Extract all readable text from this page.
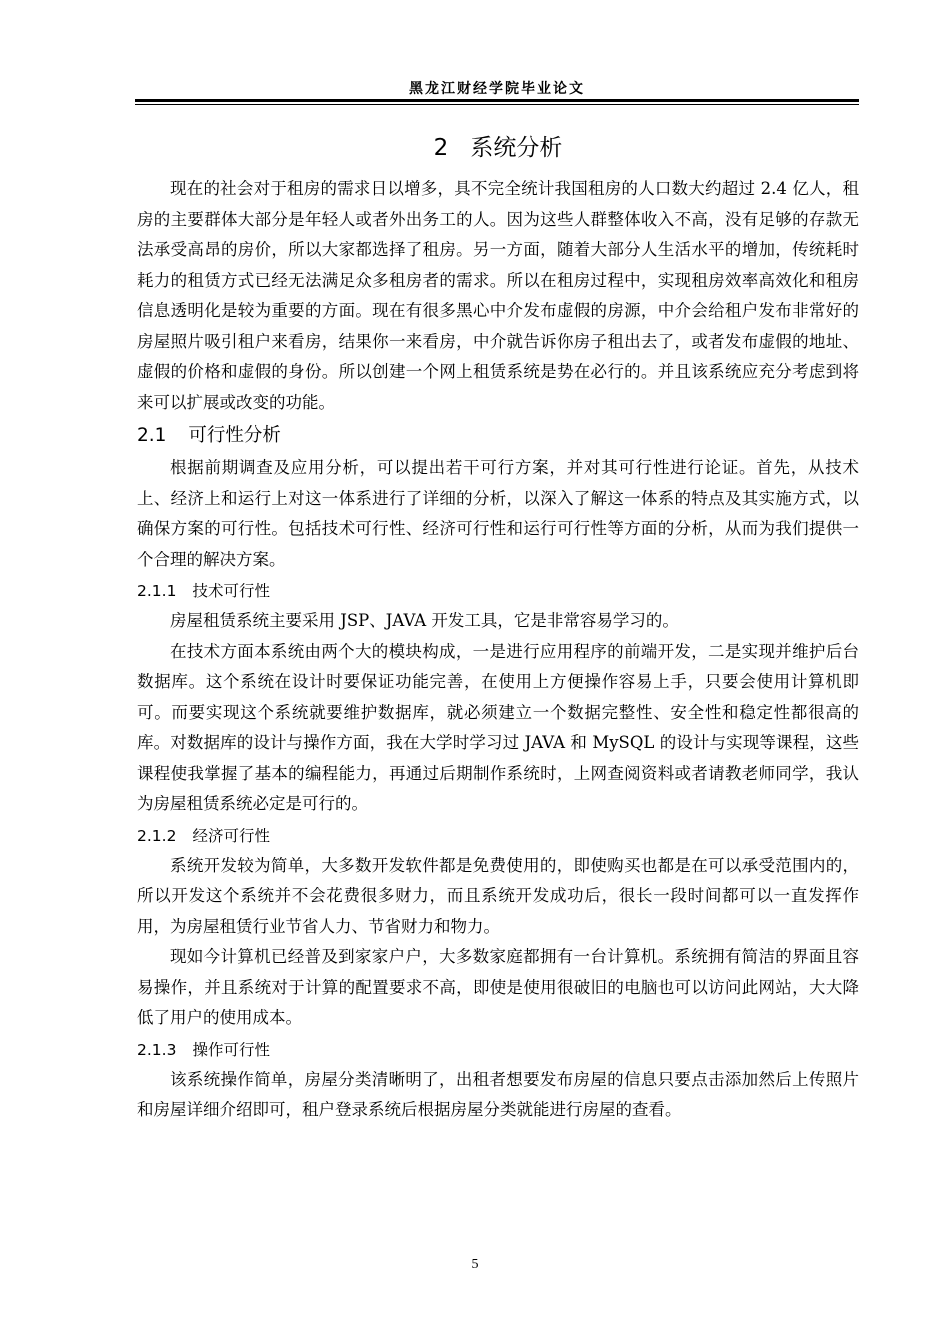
黑龙江财经学院毕业论文
2 系统分析

现在的社会对于租房的需求日以增多，具不完全统计我国租房的人口数大约超过 2.4 亿人，租房的主要群体大部分是年轻人或者外出务工的人。因为这些人群整体收入不高，没有足够的存款无法承受高昂的房价，所以大家都选择了租房。另一方面，随着大部分人生活水平的增加，传统耗时耗力的租赁方式已经无法满足众多租房者的需求。所以在租房过程中，实现租房效率高效化和租房信息透明化是较为重要的方面。现在有很多黑心中介发布虚假的房源，中介会给租户发布非常好的房屋照片吸引租户来看房，结果你一来看房，中介就告诉你房子租出去了，或者发布虚假的地址、虚假的价格和虚假的身份。所以创建一个网上租赁系统是势在必行的。并且该系统应充分考虑到将来可以扩展或改变的功能。

2.1 可行性分析

根据前期调查及应用分析，可以提出若干可行方案，并对其可行性进行论证。首先，从技术上、经济上和运行上对这一体系进行了详细的分析，以深入了解这一体系的特点及其实施方式，以确保方案的可行性。包括技术可行性、经济可行性和运行可行性等方面的分析，从而为我们提供一个合理的解决方案。

2.1.1 技术可行性

房屋租赁系统主要采用 JSP、JAVA 开发工具，它是非常容易学习的。

在技术方面本系统由两个大的模块构成，一是进行应用程序的前端开发，二是实现并维护后台数据库。这个系统在设计时要保证功能完善，在使用上方便操作容易上手，只要会使用计算机即可。而要实现这个系统就要维护数据库，就必须建立一个数据完整性、安全性和稳定性都很高的库。对数据库的设计与操作方面，我在大学时学习过 JAVA 和 MySQL 的设计与实现等课程，这些课程使我掌握了基本的编程能力，再通过后期制作系统时，上网查阅资料或者请教老师同学，我认为房屋租赁系统必定是可行的。

2.1.2 经济可行性

系统开发较为简单，大多数开发软件都是免费使用的，即使购买也都是在可以承受范围内的，所以开发这个系统并不会花费很多财力，而且系统开发成功后，很长一段时间都可以一直发挥作用，为房屋租赁行业节省人力、节省财力和物力。

现如今计算机已经普及到家家户户，大多数家庭都拥有一台计算机。系统拥有简洁的界面且容易操作，并且系统对于计算的配置要求不高，即使是使用很破旧的电脑也可以访问此网站，大大降低了用户的使用成本。

2.1.3 操作可行性

该系统操作简单，房屋分类清晰明了，出租者想要发布房屋的信息只要点击添加然后上传照片和房屋详细介绍即可，租户登录系统后根据房屋分类就能进行房屋的查看。

5
